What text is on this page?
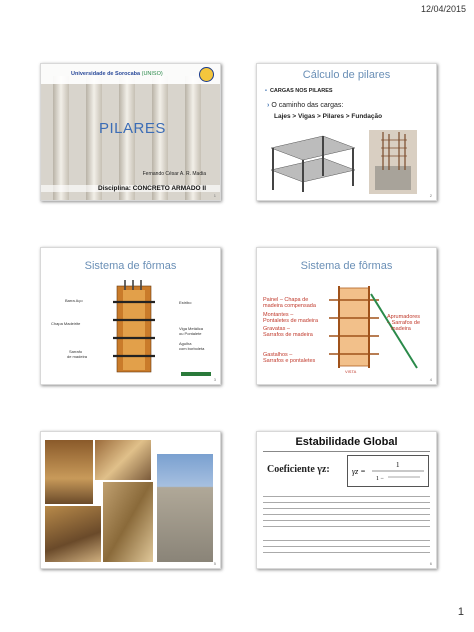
12/04/2015
Universidade de Sorocaba (UNISO)
PILARES
Fernando César A. R. Madia
Disciplina: CONCRETO ARMADO II
1
Cálculo de pilares
• CARGAS NOS PILARES
› O caminho das cargas:
Lajes > Vigas > Pilares > Fundação
2
Sistema de fôrmas
Barra Aço	Estribo
Chapa Madeirite
Viga Metálica
ou Pontalete
Agulha
com borboleta
Sarrafo
de madeira
3
Sistema de fôrmas
Painel – Chapa de
madeira compensada
Montantes –
Pontaletes de madeira
Gravatas –
Sarrafos de madeira
Aprumadores
– Sarrafos de
madeira
Gastalhos –
Sarrafos e pontaletes
VISTA
4
5
Estabilidade Global
Coeficiente γz:	γz =
1
1 −
6
1
